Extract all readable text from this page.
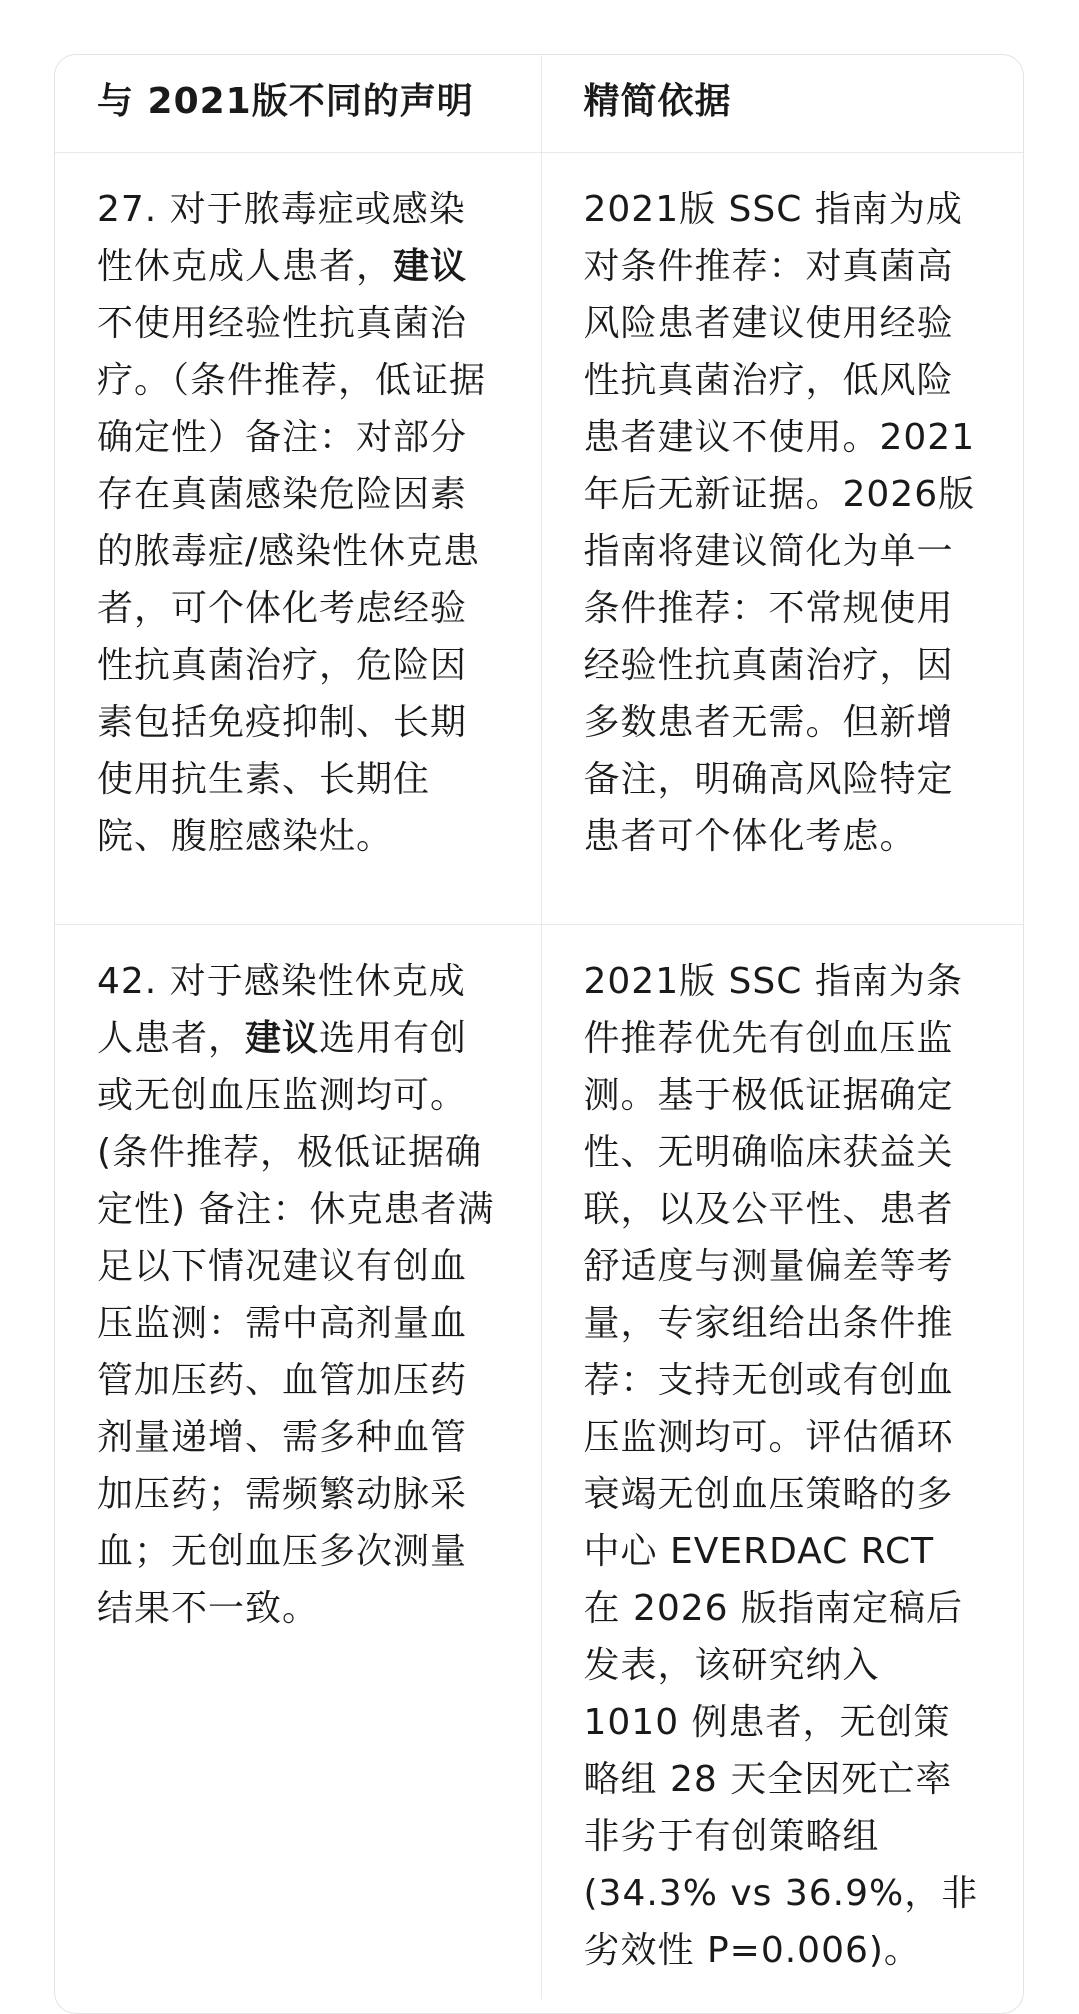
与 2021版不同的声明	精简依据
27. 对于脓毒症或感染性休克成人患者，建议不使用经验性抗真菌治疗。（条件推荐，低证据确定性）备注：对部分存在真菌感染危险因素的脓毒症/感染性休克患者，可个体化考虑经验性抗真菌治疗，危险因素包括免疫抑制、长期使用抗生素、长期住院、腹腔感染灶。	2021版 SSC 指南为成对条件推荐：对真菌高风险患者建议使用经验性抗真菌治疗，低风险患者建议不使用。2021年后无新证据。2026版指南将建议简化为单一条件推荐：不常规使用经验性抗真菌治疗，因多数患者无需。但新增备注，明确高风险特定患者可个体化考虑。
42. 对于感染性休克成人患者，建议选用有创或无创血压监测均可。(条件推荐，极低证据确定性) 备注：休克患者满足以下情况建议有创血压监测：需中高剂量血管加压药、血管加压药剂量递增、需多种血管加压药；需频繁动脉采血；无创血压多次测量结果不一致。	2021版 SSC 指南为条件推荐优先有创血压监测。基于极低证据确定性、无明确临床获益关联，以及公平性、患者舒适度与测量偏差等考量，专家组给出条件推荐：支持无创或有创血压监测均可。评估循环衰竭无创血压策略的多中心 EVERDAC RCT 在 2026 版指南定稿后发表，该研究纳入 1010 例患者，无创策略组 28 天全因死亡率非劣于有创策略组 (34.3% vs 36.9%，非劣效性 P=0.006)。
